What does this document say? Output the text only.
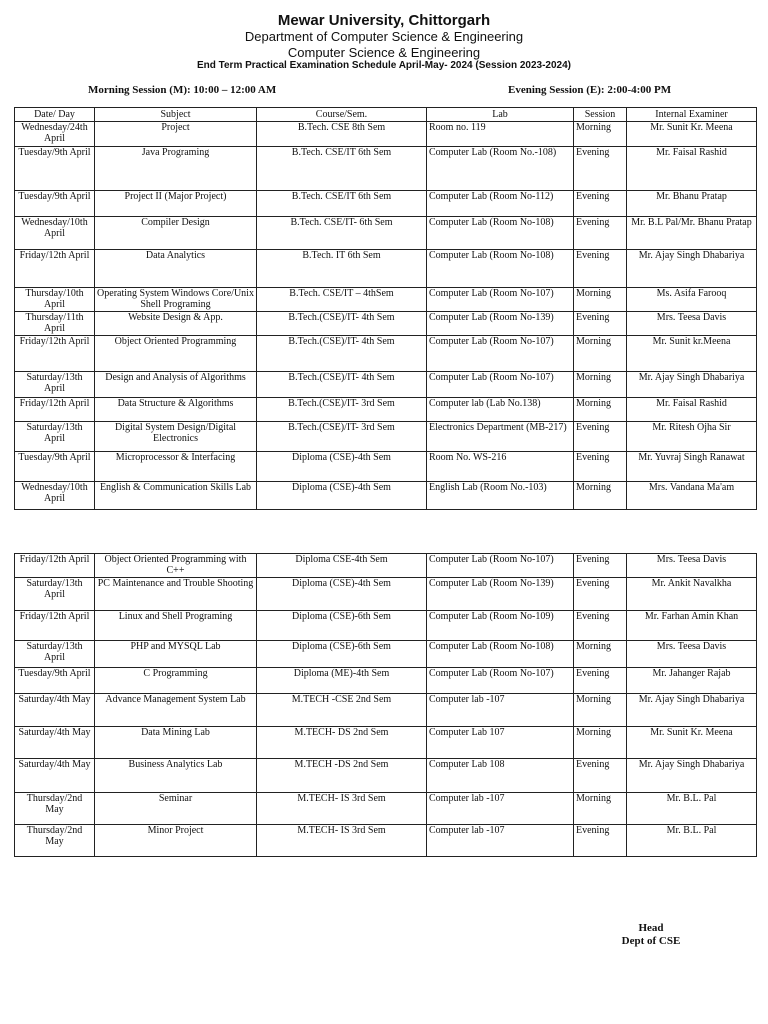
Mewar University, Chittorgarh
Department of Computer Science & Engineering
Computer Science & Engineering
End Term Practical Examination Schedule April-May- 2024 (Session 2023-2024)
Morning Session (M): 10:00 – 12:00 AM	Evening Session (E): 2:00-4:00 PM
Date/ Day	Subject	Course/Sem.	Lab	Session	Internal Examiner
Wednesday/24th April	Project	B.Tech. CSE 8th Sem	Room no. 119	Morning	Mr. Sunit Kr. Meena
Tuesday/9th April	Java Programing	B.Tech. CSE/IT 6th Sem	Computer Lab (Room No.-108)	Evening	Mr. Faisal Rashid
Tuesday/9th April	Project II (Major Project)	B.Tech. CSE/IT 6th Sem	Computer Lab (Room No-112)	Evening	Mr. Bhanu Pratap
Wednesday/10th April	Compiler Design	B.Tech. CSE/IT- 6th Sem	Computer Lab (Room No-108)	Evening	Mr. B.L Pal/Mr. Bhanu Pratap
Friday/12th April	Data Analytics	B.Tech. IT 6th Sem	Computer Lab (Room No-108)	Evening	Mr. Ajay Singh Dhabariya
Thursday/10th April	Operating System Windows Core/Unix Shell Programing	B.Tech. CSE/IT – 4thSem	Computer Lab (Room No-107)	Morning	Ms. Asifa Farooq
Thursday/11th April	Website Design & App.	B.Tech.(CSE)/IT- 4th Sem	Computer Lab (Room No-139)	Evening	Mrs. Teesa Davis
Friday/12th April	Object Oriented Programming	B.Tech.(CSE)/IT- 4th Sem	Computer Lab (Room No-107)	Morning	Mr. Sunit kr.Meena
Saturday/13th April	Design and Analysis of Algorithms	B.Tech.(CSE)/IT- 4th Sem	Computer Lab (Room No-107)	Morning	Mr. Ajay Singh Dhabariya
Friday/12th April	Data Structure & Algorithms	B.Tech.(CSE)/IT- 3rd Sem	Computer lab (Lab No.138)	Morning	Mr. Faisal Rashid
Saturday/13th April	Digital System Design/Digital Electronics	B.Tech.(CSE)/IT- 3rd Sem	Electronics Department (MB-217)	Evening	Mr. Ritesh Ojha Sir
Tuesday/9th April	Microprocessor & Interfacing	Diploma (CSE)-4th Sem	Room No. WS-216	Evening	Mr. Yuvraj Singh Ranawat
Wednesday/10th April	English & Communication Skills Lab	Diploma (CSE)-4th Sem	English Lab (Room No.-103)	Morning	Mrs. Vandana Ma'am
Friday/12th April	Object Oriented Programming with C++	Diploma CSE-4th Sem	Computer Lab (Room No-107)	Evening	Mrs. Teesa Davis
Saturday/13th April	PC Maintenance and Trouble Shooting	Diploma (CSE)-4th Sem	Computer Lab (Room No-139)	Evening	Mr. Ankit Navalkha
Friday/12th April	Linux and Shell Programing	Diploma (CSE)-6th Sem	Computer Lab (Room No-109)	Evening	Mr. Farhan Amin Khan
Saturday/13th April	PHP and MYSQL Lab	Diploma (CSE)-6th Sem	Computer Lab (Room No-108)	Morning	Mrs. Teesa Davis
Tuesday/9th April	C Programming	Diploma (ME)-4th Sem	Computer Lab (Room No-107)	Evening	Mr. Jahanger Rajab
Saturday/4th May	Advance Management System Lab	M.TECH -CSE 2nd Sem	Computer lab -107	Morning	Mr. Ajay Singh Dhabariya
Saturday/4th May	Data Mining Lab	M.TECH- DS 2nd Sem	Computer Lab 107	Morning	Mr. Sunit Kr. Meena
Saturday/4th May	Business Analytics Lab	M.TECH -DS 2nd Sem	Computer Lab 108	Evening	Mr. Ajay Singh Dhabariya
Thursday/2nd May	Seminar	M.TECH- IS 3rd Sem	Computer lab -107	Morning	Mr. B.L. Pal
Thursday/2nd May	Minor Project	M.TECH- IS 3rd Sem	Computer lab -107	Evening	Mr. B.L. Pal
Head
Dept of CSE
